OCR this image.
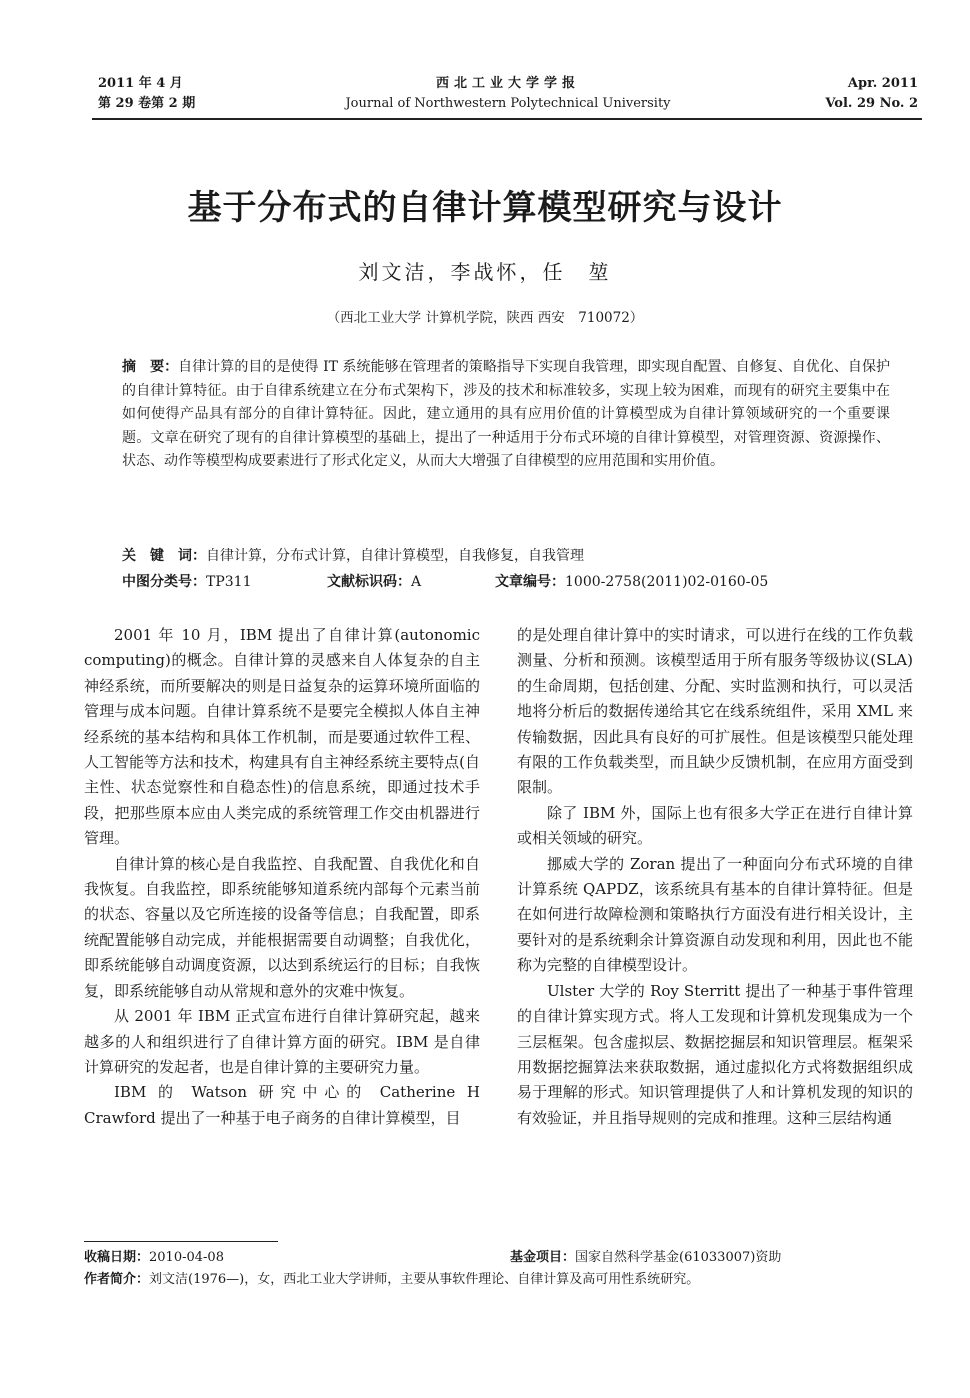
2011 年 4 月
第 29 卷第 2 期
西北工业大学学报
Journal of Northwestern Polytechnical University
Apr. 2011
Vol. 29 No. 2
基于分布式的自律计算模型研究与设计
刘文洁，李战怀，任　堃
（西北工业大学 计算机学院，陕西 西安　710072）
摘　要：自律计算的目的是使得 IT 系统能够在管理者的策略指导下实现自我管理，即实现自配置、自修复、自优化、自保护的自律计算特征。由于自律系统建立在分布式架构下，涉及的技术和标准较多，实现上较为困难，而现有的研究主要集中在如何使得产品具有部分的自律计算特征。因此，建立通用的具有应用价值的计算模型成为自律计算领域研究的一个重要课题。文章在研究了现有的自律计算模型的基础上，提出了一种适用于分布式环境的自律计算模型，对管理资源、资源操作、状态、动作等模型构成要素进行了形式化定义，从而大大增强了自律模型的应用范围和实用价值。
关　键　词：自律计算，分布式计算，自律计算模型，自我修复，自我管理
中图分类号：TP311	文献标识码：A	文章编号：1000-2758(2011)02-0160-05

2001 年 10 月，IBM 提出了自律计算(autonomic computing)的概念。自律计算的灵感来自人体复杂的自主神经系统，而所要解决的则是日益复杂的运算环境所面临的管理与成本问题。自律计算系统不是要完全模拟人体自主神经系统的基本结构和具体工作机制，而是要通过软件工程、人工智能等方法和技术，构建具有自主神经系统主要特点(自主性、状态觉察性和自稳态性)的信息系统，即通过技术手段，把那些原本应由人类完成的系统管理工作交由机器进行管理。

自律计算的核心是自我监控、自我配置、自我优化和自我恢复。自我监控，即系统能够知道系统内部每个元素当前的状态、容量以及它所连接的设备等信息；自我配置，即系统配置能够自动完成，并能根据需要自动调整；自我优化，即系统能够自动调度资源，以达到系统运行的目标；自我恢复，即系统能够自动从常规和意外的灾难中恢复。

从 2001 年 IBM 正式宣布进行自律计算研究起，越来越多的人和组织进行了自律计算方面的研究。IBM 是自律计算研究的发起者，也是自律计算的主要研究力量。

IBM 的 Watson 研究中心的 Catherine H Crawford 提出了一种基于电子商务的自律计算模型，目

的是处理自律计算中的实时请求，可以进行在线的工作负载测量、分析和预测。该模型适用于所有服务等级协议(SLA)的生命周期，包括创建、分配、实时监测和执行，可以灵活地将分析后的数据传递给其它在线系统组件，采用 XML 来传输数据，因此具有良好的可扩展性。但是该模型只能处理有限的工作负载类型，而且缺少反馈机制，在应用方面受到限制。

除了 IBM 外，国际上也有很多大学正在进行自律计算或相关领域的研究。

挪威大学的 Zoran 提出了一种面向分布式环境的自律计算系统 QAPDZ，该系统具有基本的自律计算特征。但是在如何进行故障检测和策略执行方面没有进行相关设计，主要针对的是系统剩余计算资源自动发现和利用，因此也不能称为完整的自律模型设计。

Ulster 大学的 Roy Sterritt 提出了一种基于事件管理的自律计算实现方式。将人工发现和计算机发现集成为一个三层框架。包含虚拟层、数据挖掘层和知识管理层。框架采用数据挖掘算法来获取数据，通过虚拟化方式将数据组织成易于理解的形式。知识管理提供了人和计算机发现的知识的有效验证，并且指导规则的完成和推理。这种三层结构通

收稿日期：2010-04-08	基金项目：国家自然科学基金(61033007)资助
作者简介：刘文洁(1976—)，女，西北工业大学讲师，主要从事软件理论、自律计算及高可用性系统研究。
